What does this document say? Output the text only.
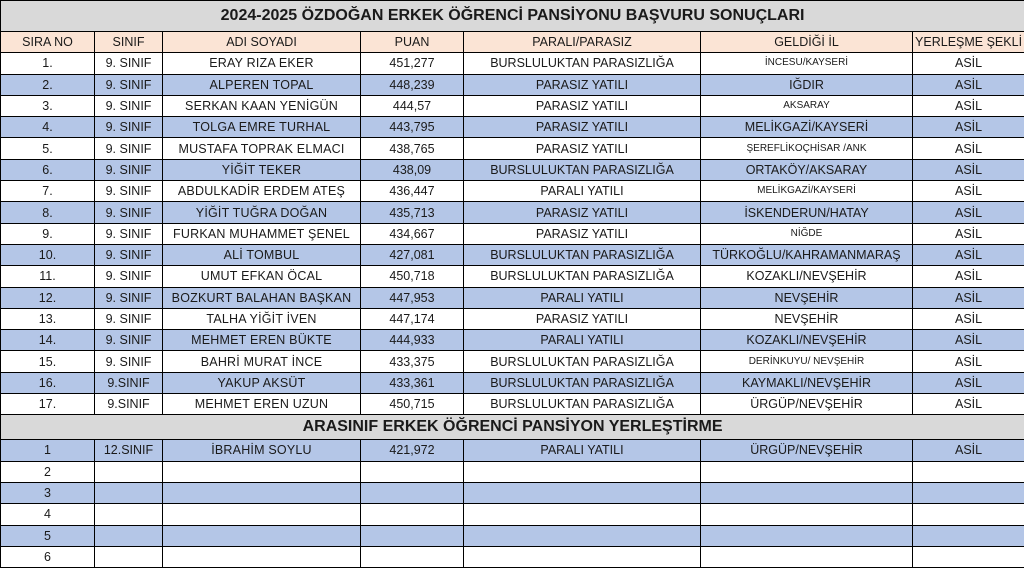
2024-2025 ÖZDOĞAN ERKEK ÖĞRENCİ PANSİYONU BAŞVURU SONUÇLARI						
SIRA NO	SINIF	ADI SOYADI	PUAN	PARALI/PARASIZ	GELDİĞİ İL	YERLEŞME ŞEKLİ
1.	9. SINIF	ERAY RIZA EKER	451,277	BURSLULUKTAN PARASIZLIĞA	İNCESU/KAYSERİ	ASİL
2.	9. SINIF	ALPEREN TOPAL	448,239	PARASIZ YATILI	IĞDIR	ASİL
3.	9. SINIF	SERKAN KAAN YENİGÜN	444,57	PARASIZ YATILI	AKSARAY	ASİL
4.	9. SINIF	TOLGA EMRE TURHAL	443,795	PARASIZ YATILI	MELİKGAZİ/KAYSERİ	ASİL
5.	9. SINIF	MUSTAFA TOPRAK ELMACI	438,765	PARASIZ YATILI	ŞEREFLİKOÇHİSAR /ANK	ASİL
6.	9. SINIF	YİĞİT TEKER	438,09	BURSLULUKTAN PARASIZLIĞA	ORTAKÖY/AKSARAY	ASİL
7.	9. SINIF	ABDULKADİR ERDEM ATEŞ	436,447	PARALI YATILI	MELİKGAZİ/KAYSERİ	ASİL
8.	9. SINIF	YİĞİT TUĞRA DOĞAN	435,713	PARASIZ YATILI	İSKENDERUN/HATAY	ASİL
9.	9. SINIF	FURKAN MUHAMMET ŞENEL	434,667	PARASIZ YATILI	NİĞDE	ASİL
10.	9. SINIF	ALİ TOMBUL	427,081	BURSLULUKTAN PARASIZLIĞA	TÜRKOĞLU/KAHRAMANMARAŞ	ASİL
11.	9. SINIF	UMUT EFKAN ÖCAL	450,718	BURSLULUKTAN PARASIZLIĞA	KOZAKLI/NEVŞEHİR	ASİL
12.	9. SINIF	BOZKURT BALAHAN BAŞKAN	447,953	PARALI YATILI	NEVŞEHİR	ASİL
13.	9. SINIF	TALHA YİĞİT İVEN	447,174	PARASIZ YATILI	NEVŞEHİR	ASİL
14.	9. SINIF	MEHMET EREN BÜKTE	444,933	PARALI YATILI	KOZAKLI/NEVŞEHİR	ASİL
15.	9. SINIF	BAHRİ MURAT İNCE	433,375	BURSLULUKTAN PARASIZLIĞA	DERİNKUYU/ NEVŞEHİR	ASİL
16.	9.SINIF	YAKUP AKSÜT	433,361	BURSLULUKTAN PARASIZLIĞA	KAYMAKLI/NEVŞEHİR	ASİL
17.	9.SINIF	MEHMET EREN UZUN	450,715	BURSLULUKTAN PARASIZLIĞA	ÜRGÜP/NEVŞEHİR	ASİL
ARASINIF ERKEK ÖĞRENCİ PANSİYON YERLEŞTİRME						
1	12.SINIF	İBRAHİM SOYLU	421,972	PARALI YATILI	ÜRGÜP/NEVŞEHİR	ASİL
2						
3						
4						
5						
6						
